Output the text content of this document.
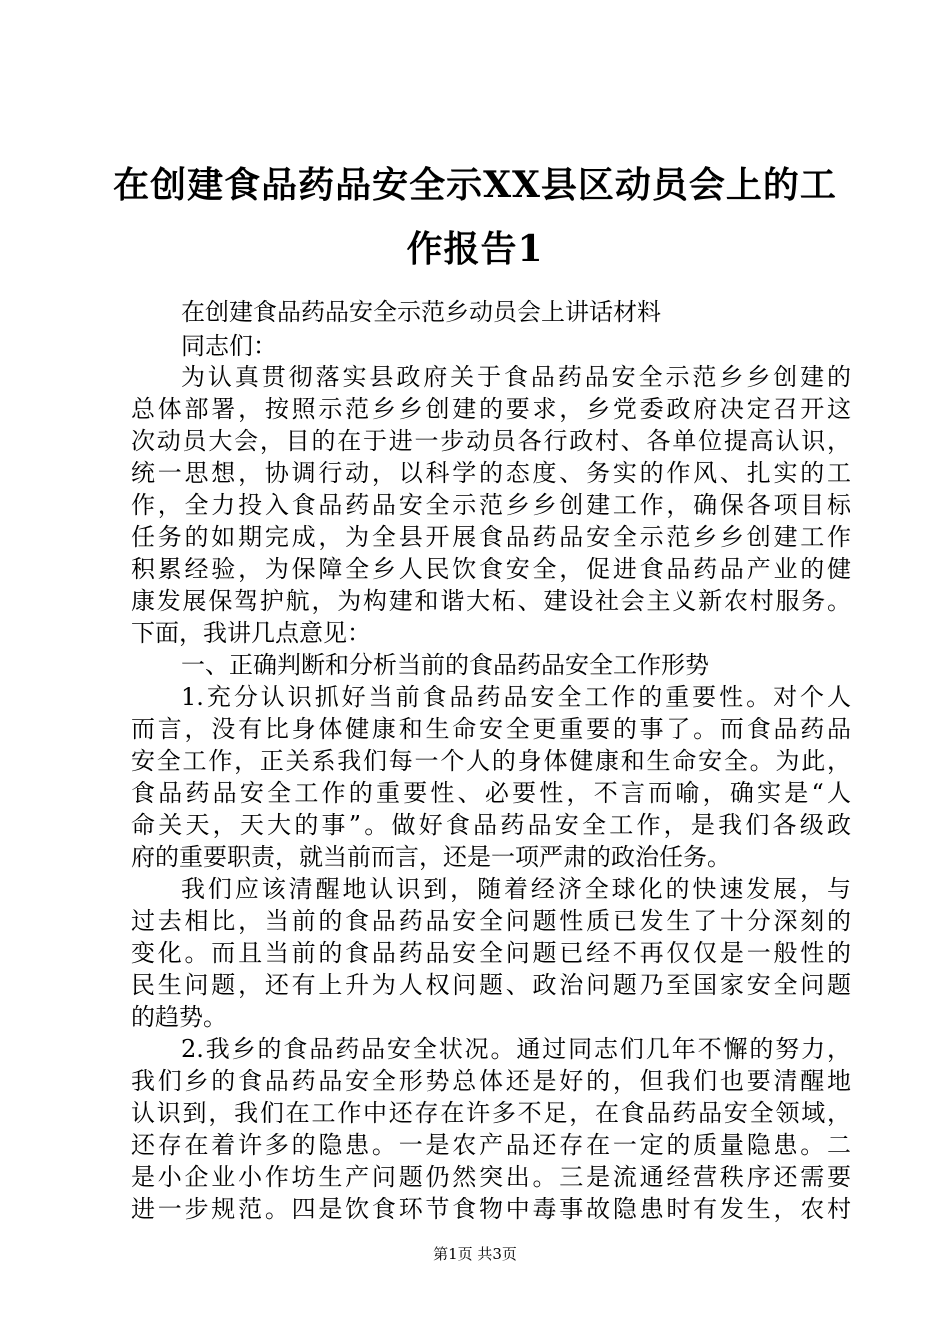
在创建食品药品安全示XX县区动员会上的工
作报告1
在创建食品药品安全示范乡动员会上讲话材料
同志们：
为认真贯彻落实县政府关于食品药品安全示范乡乡创建的
总体部署，按照示范乡乡创建的要求，乡党委政府决定召开这
次动员大会，目的在于进一步动员各行政村、各单位提高认识，
统一思想，协调行动，以科学的态度、务实的作风、扎实的工
作，全力投入食品药品安全示范乡乡创建工作，确保各项目标
任务的如期完成，为全县开展食品药品安全示范乡乡创建工作
积累经验，为保障全乡人民饮食安全，促进食品药品产业的健
康发展保驾护航，为构建和谐大柘、建设社会主义新农村服务。
下面，我讲几点意见：
一、正确判断和分析当前的食品药品安全工作形势
1.充分认识抓好当前食品药品安全工作的重要性。对个人
而言，没有比身体健康和生命安全更重要的事了。而食品药品
安全工作，正关系我们每一个人的身体健康和生命安全。为此，
食品药品安全工作的重要性、必要性，不言而喻，确实是“人
命关天，天大的事”。做好食品药品安全工作，是我们各级政
府的重要职责，就当前而言，还是一项严肃的政治任务。
我们应该清醒地认识到，随着经济全球化的快速发展，与
过去相比，当前的食品药品安全问题性质已发生了十分深刻的
变化。而且当前的食品药品安全问题已经不再仅仅是一般性的
民生问题，还有上升为人权问题、政治问题乃至国家安全问题
的趋势。
2.我乡的食品药品安全状况。通过同志们几年不懈的努力，
我们乡的食品药品安全形势总体还是好的，但我们也要清醒地
认识到，我们在工作中还存在许多不足，在食品药品安全领域，
还存在着许多的隐患。一是农产品还存在一定的质量隐患。二
是小企业小作坊生产问题仍然突出。三是流通经营秩序还需要
进一步规范。四是饮食环节食物中毒事故隐患时有发生，农村
第1页 共3页
